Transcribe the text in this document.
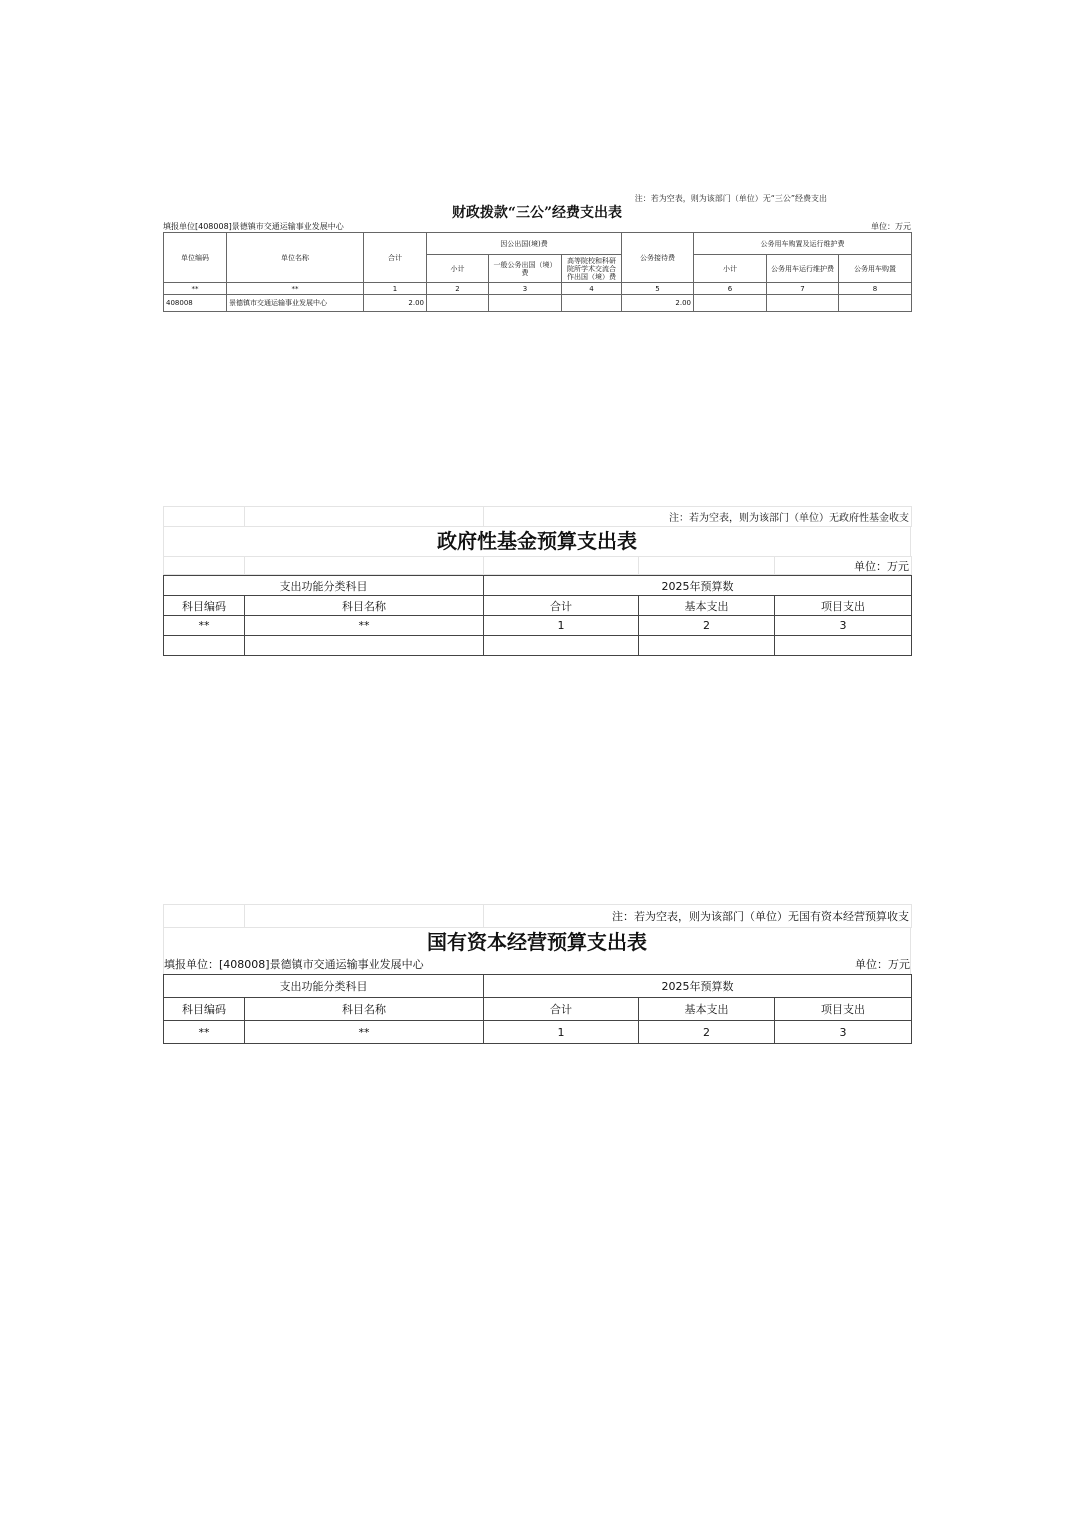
注：若为空表，则为该部门（单位）无“三公”经费支出
财政拨款“三公”经费支出表
填报单位[408008]景德镇市交通运输事业发展中心	单位：万元
单位编码	单位名称	合计	因公出国(境)费			公务接待费	公务用车购置及运行维护费		
			小计	一般公务出国（境）费	高等院校和科研院所学术交流合作出国（境）费		小计	公务用车运行维护费	公务用车购置
**	**	1	2	3	4	5	6	7	8
408008	景德镇市交通运输事业发展中心	2.00				2.00			
		注：若为空表，则为该部门（单位）无政府性基金收支
政府性基金预算支出表
				单位：万元
支出功能分类科目		2025年预算数		
科目编码	科目名称	合计	基本支出	项目支出
**	**	1	2	3

		注：若为空表，则为该部门（单位）无国有资本经营预算收支
国有资本经营预算支出表
填报单位：[408008]景德镇市交通运输事业发展中心	单位：万元
支出功能分类科目		2025年预算数		
科目编码	科目名称	合计	基本支出	项目支出
**	**	1	2	3
